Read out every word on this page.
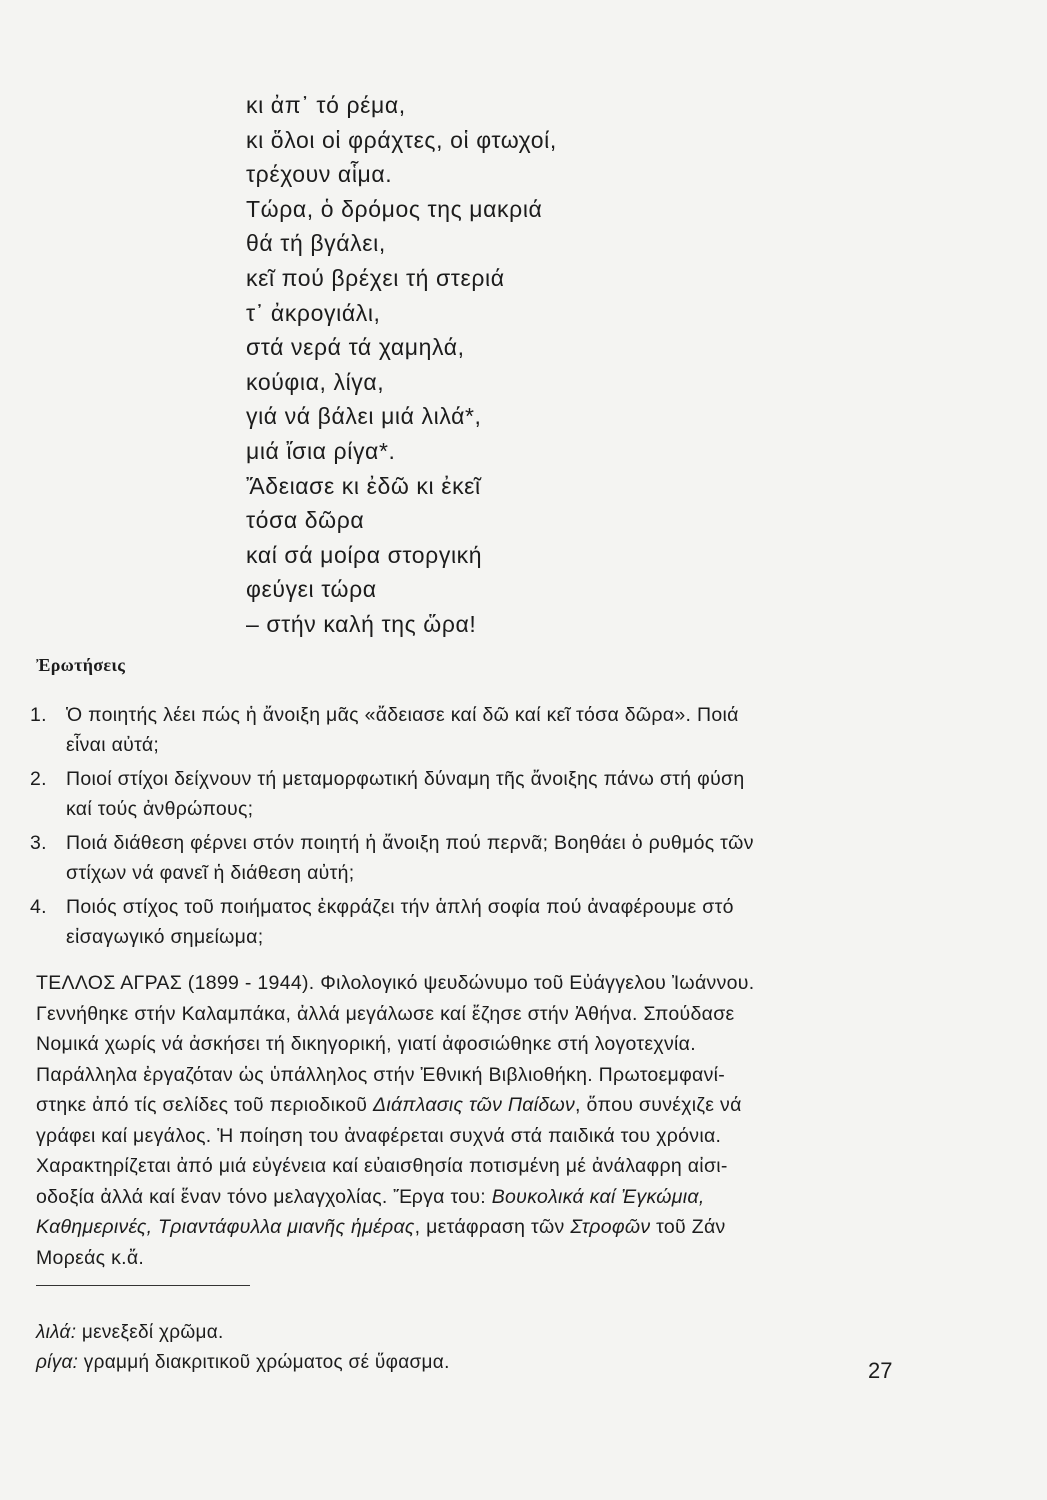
κι ἀπ᾽ τό ρέμα,
κι ὅλοι οἱ φράχτες, οἱ φτωχοί,
τρέχουν αἷμα.
Τώρα, ὁ δρόμος της μακριά
θά τή βγάλει,
κεῖ πού βρέχει τή στεριά
τ᾽ ἀκρογιάλι,
στά νερά τά χαμηλά,
κούφια, λίγα,
γιά νά βάλει μιά λιλά*,
μιά ἴσια ρίγα*.
Ἄδειασε κι ἐδῶ κι ἐκεῖ
τόσα δῶρα
καί σά μοίρα στοργική
φεύγει τώρα
– στήν καλή της ὥρα!
Ἐρωτήσεις
1. Ὁ ποιητής λέει πώς ἡ ἄνοιξη μᾶς «ἄδειασε καί δῶ καί κεῖ τόσα δῶρα». Ποιά
εἶναι αὐτά;
2. Ποιοί στίχοι δείχνουν τή μεταμορφωτική δύναμη τῆς ἄνοιξης πάνω στή φύση
καί τούς ἀνθρώπους;
3. Ποιά διάθεση φέρνει στόν ποιητή ἡ ἄνοιξη πού περνᾶ; Βοηθάει ὁ ρυθμός τῶν
στίχων νά φανεῖ ἡ διάθεση αὐτή;
4. Ποιός στίχος τοῦ ποιήματος ἐκφράζει τήν ἁπλή σοφία πού ἀναφέρουμε στό
εἰσαγωγικό σημείωμα;
ΤΕΛΛΟΣ ΑΓΡΑΣ (1899 - 1944). Φιλολογικό ψευδώνυμο τοῦ Εὐάγγελου Ἰωάννου.
Γεννήθηκε στήν Καλαμπάκα, ἀλλά μεγάλωσε καί ἔζησε στήν Ἀθήνα. Σπούδασε
Νομικά χωρίς νά ἀσκήσει τή δικηγορική, γιατί ἀφοσιώθηκε στή λογοτεχνία.
Παράλληλα ἐργαζόταν ὡς ὑπάλληλος στήν Ἐθνική Βιβλιοθήκη. Πρωτοεμφανί-
στηκε ἀπό τίς σελίδες τοῦ περιοδικοῦ Διάπλασις τῶν Παίδων, ὅπου συνέχιζε νά
γράφει καί μεγάλος. Ἡ ποίηση του ἀναφέρεται συχνά στά παιδικά του χρόνια.
Χαρακτηρίζεται ἀπό μιά εὐγένεια καί εὐαισθησία ποτισμένη μέ ἀνάλαφρη αἰσι-
οδοξία ἀλλά καί ἕναν τόνο μελαγχολίας. Ἔργα του: Βουκολικά καί Ἐγκώμια,
Καθημερινές, Τριαντάφυλλα μιανῆς ἡμέρας, μετάφραση τῶν Στροφῶν τοῦ Ζάν
Μορεάς κ.ἄ.
λιλά: μενεξεδί χρῶμα.
ρίγα: γραμμή διακριτικοῦ χρώματος σέ ὕφασμα.	27
